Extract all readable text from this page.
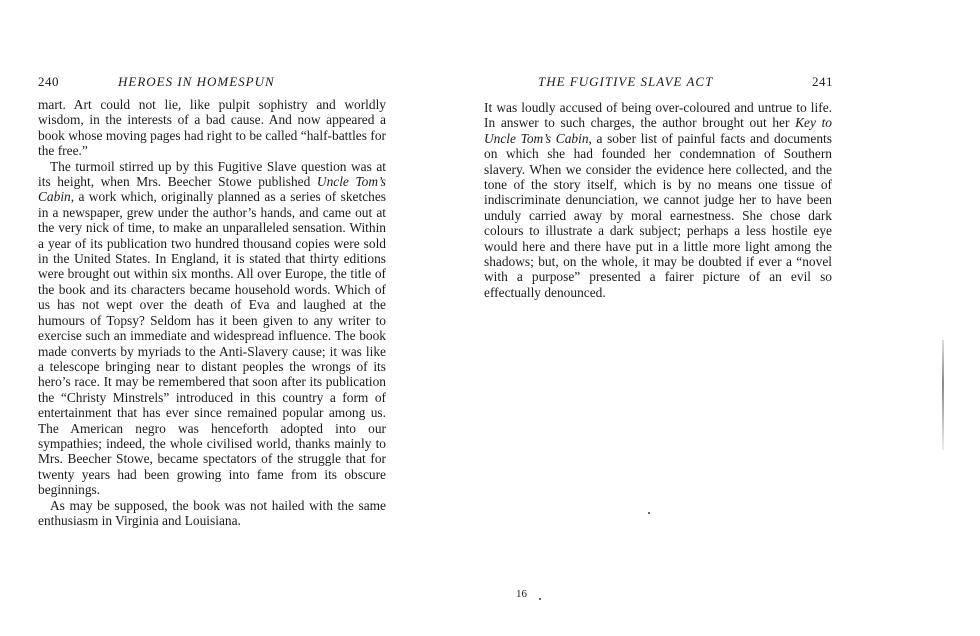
240	HEROES IN HOMESPUN

mart. Art could not lie, like pulpit sophistry and worldly wisdom, in the interests of a bad cause. And now appeared a book whose moving pages had right to be called “half-battles for the free.”

The turmoil stirred up by this Fugitive Slave question was at its height, when Mrs. Beecher Stowe published Uncle Tom’s Cabin, a work which, originally planned as a series of sketches in a newspaper, grew under the author’s hands, and came out at the very nick of time, to make an unparalleled sensation. Within a year of its publication two hundred thousand copies were sold in the United States. In England, it is stated that thirty editions were brought out within six months. All over Europe, the title of the book and its characters became household words. Which of us has not wept over the death of Eva and laughed at the humours of Topsy? Seldom has it been given to any writer to exercise such an immediate and widespread influence. The book made converts by myriads to the Anti-Slavery cause; it was like a telescope bringing near to distant peoples the wrongs of its hero’s race. It may be remembered that soon after its publication the “Christy Minstrels” introduced in this country a form of entertainment that has ever since remained popular among us. The American negro was henceforth adopted into our sympathies; indeed, the whole civilised world, thanks mainly to Mrs. Beecher Stowe, became spectators of the struggle that for twenty years had been growing into fame from its obscure beginnings.

As may be supposed, the book was not hailed with the same enthusiasm in Virginia and Louisiana.

THE FUGITIVE SLAVE ACT	241

It was loudly accused of being over-coloured and untrue to life. In answer to such charges, the author brought out her Key to Uncle Tom’s Cabin, a sober list of painful facts and documents on which she had founded her condemnation of Southern slavery. When we consider the evidence here collected, and the tone of the story itself, which is by no means one tissue of indiscriminate denunciation, we cannot judge her to have been unduly carried away by moral earnestness. She chose dark colours to illustrate a dark subject; perhaps a less hostile eye would here and there have put in a little more light among the shadows; but, on the whole, it may be doubted if ever a “novel with a purpose” presented a fairer picture of an evil so effectually denounced.

16
